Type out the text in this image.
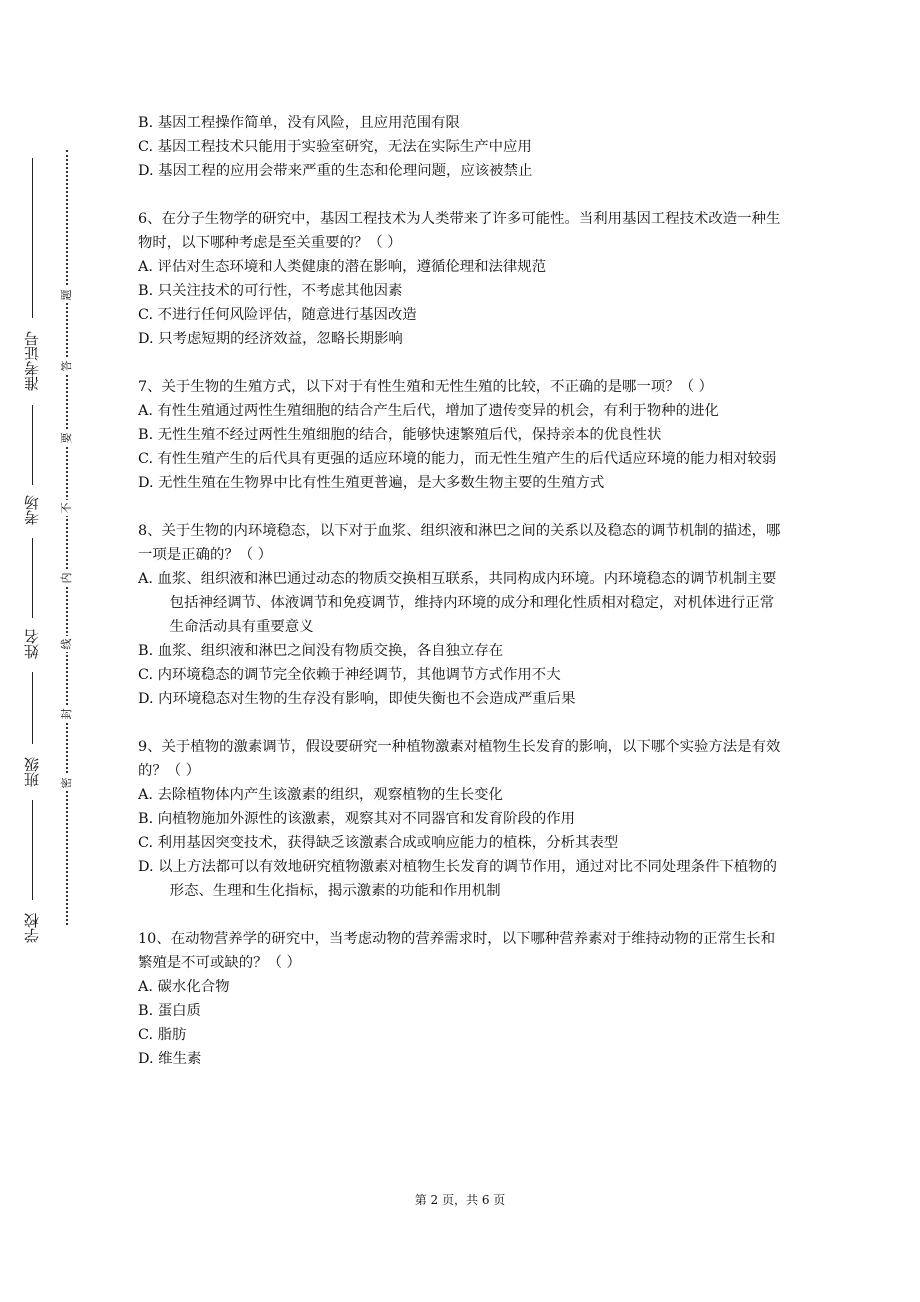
准考证号
考场
姓名
班级
学校
题
答
要
不
内
线
封
密

B. 基因工程操作简单，没有风险，且应用范围有限

C. 基因工程技术只能用于实验室研究，无法在实际生产中应用

D. 基因工程的应用会带来严重的生态和伦理问题，应该被禁止

6、在分子生物学的研究中，基因工程技术为人类带来了许多可能性。当利用基因工程技术改造一种生物时，以下哪种考虑是至关重要的？（ ）

A. 评估对生态环境和人类健康的潜在影响，遵循伦理和法律规范

B. 只关注技术的可行性，不考虑其他因素

C. 不进行任何风险评估，随意进行基因改造

D. 只考虑短期的经济效益，忽略长期影响

7、关于生物的生殖方式，以下对于有性生殖和无性生殖的比较，不正确的是哪一项？（ ）

A. 有性生殖通过两性生殖细胞的结合产生后代，增加了遗传变异的机会，有利于物种的进化

B. 无性生殖不经过两性生殖细胞的结合，能够快速繁殖后代，保持亲本的优良性状

C. 有性生殖产生的后代具有更强的适应环境的能力，而无性生殖产生的后代适应环境的能力相对较弱

D. 无性生殖在生物界中比有性生殖更普遍，是大多数生物主要的生殖方式

8、关于生物的内环境稳态，以下对于血浆、组织液和淋巴之间的关系以及稳态的调节机制的描述，哪一项是正确的？（ ）

A. 血浆、组织液和淋巴通过动态的物质交换相互联系，共同构成内环境。内环境稳态的调节机制主要包括神经调节、体液调节和免疫调节，维持内环境的成分和理化性质相对稳定，对机体进行正常生命活动具有重要意义

B. 血浆、组织液和淋巴之间没有物质交换，各自独立存在

C. 内环境稳态的调节完全依赖于神经调节，其他调节方式作用不大

D. 内环境稳态对生物的生存没有影响，即使失衡也不会造成严重后果

9、关于植物的激素调节，假设要研究一种植物激素对植物生长发育的影响，以下哪个实验方法是有效的？（ ）

A. 去除植物体内产生该激素的组织，观察植物的生长变化

B. 向植物施加外源性的该激素，观察其对不同器官和发育阶段的作用

C. 利用基因突变技术，获得缺乏该激素合成或响应能力的植株，分析其表型

D. 以上方法都可以有效地研究植物激素对植物生长发育的调节作用，通过对比不同处理条件下植物的形态、生理和生化指标，揭示激素的功能和作用机制

10、在动物营养学的研究中，当考虑动物的营养需求时，以下哪种营养素对于维持动物的正常生长和繁殖是不可或缺的？（ ）

A. 碳水化合物

B. 蛋白质

C. 脂肪

D. 维生素

第 2 页，共 6 页
